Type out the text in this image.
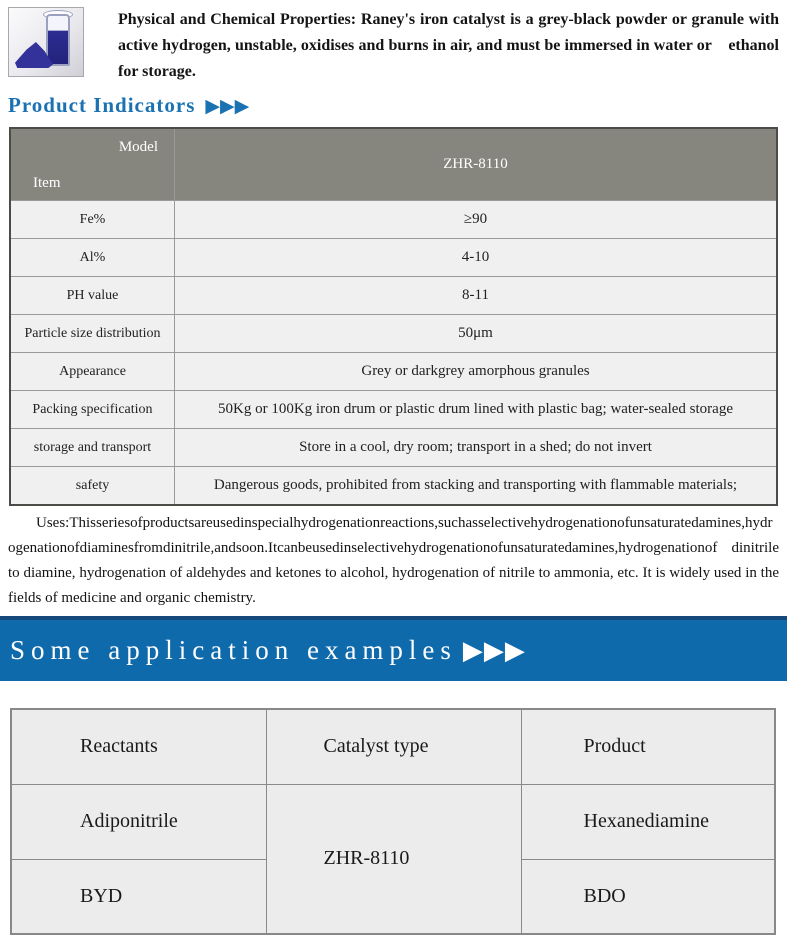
Physical and Chemical Properties: Raney's iron catalyst is a grey-black powder or granule with active hydrogen, unstable, oxidises and burns in air, and must be immersed in water or    ethanol for storage.
Product Indicators ▶▶▶
Model
Item	ZHR-8110
Fe%	≥90
Al%	4-10
PH value	8-11
Particle size distribution	50μm
Appearance	Grey or darkgrey amorphous granules
Packing specification	50Kg or 100Kg iron drum or plastic drum lined with plastic bag; water-sealed storage
storage and transport	Store in a cool, dry room; transport in a shed; do not invert
safety	Dangerous goods, prohibited from stacking and transporting with flammable materials;
Uses:Thisseriesofproductsareusedinspecialhydrogenationreactions,suchasselectivehydrogenationofunsaturatedamines,hydrogenationofdiaminesfromdinitrile,andsoon.Itcanbeusedinselectivehydrogenationofunsaturatedamines,hydrogenationof dinitrile to diamine, hydrogenation of aldehydes and ketones to alcohol, hydrogenation of nitrile to ammonia, etc. It is widely used in the fields of medicine and organic chemistry.
Some application examples ▶▶▶
Reactants	Catalyst type	Product
Adiponitrile	ZHR-8110	Hexanediamine
BYD		BDO
